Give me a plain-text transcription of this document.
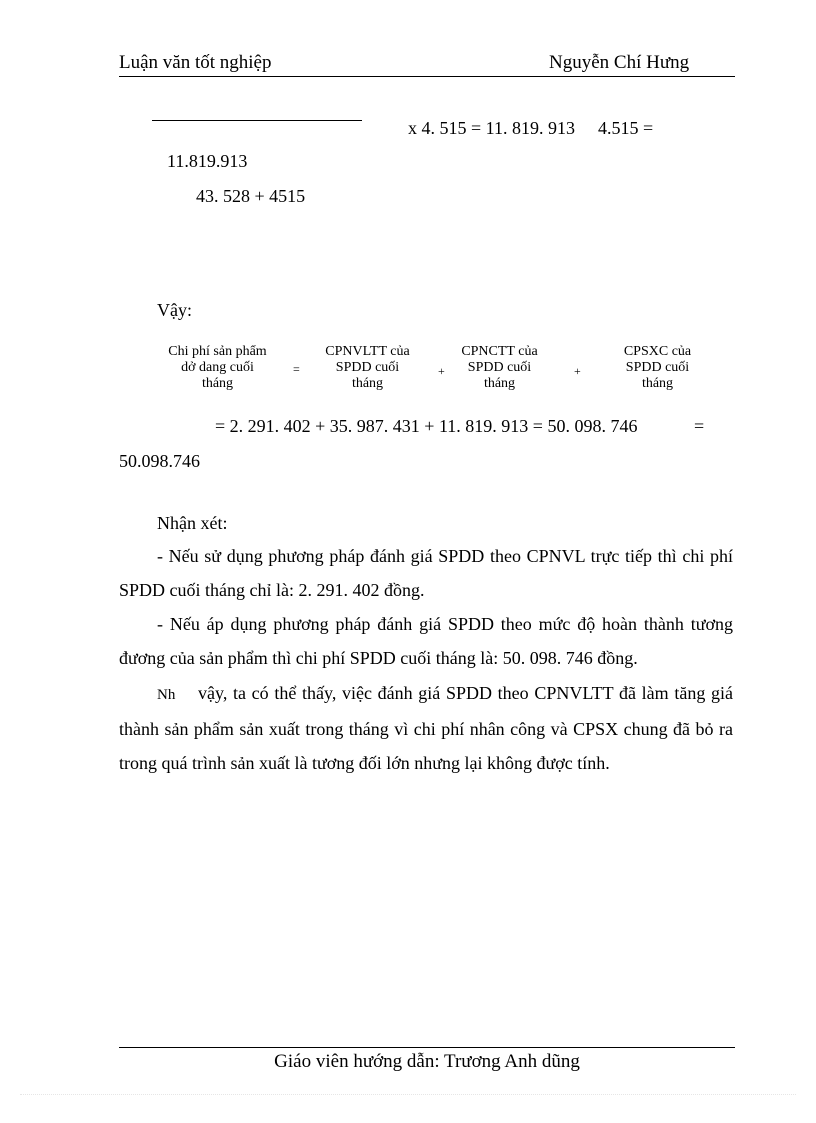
Luận văn tốt nghiệp	Nguyễn Chí Hưng
x 4. 515 = 11. 819. 913 4.515 =
11.819.913
43. 528 + 4515
Vậy:
Chi phí sản phẩm
dở dang cuối
tháng
=
CPNVLTT của
SPDD cuối
tháng
+
CPNCTT của
SPDD cuối
tháng
+
CPSXC của
SPDD cuối
tháng
= 2. 291. 402 + 35. 987. 431 + 11. 819. 913 = 50. 098. 746	=
50.098.746
Nhận xét:
- Nếu sử dụng phương pháp đánh giá SPDD theo CPNVL trực tiếp thì chi phí SPDD cuối tháng chỉ là: 2. 291. 402 đồng.
- Nếu áp dụng phương pháp đánh giá SPDD theo mức độ hoàn thành tương đương của sản phẩm thì chi phí SPDD cuối tháng là: 50. 098. 746 đồng.
Nh vậy, ta có thể thấy, việc đánh giá SPDD theo CPNVLTT đã làm tăng giá thành sản phẩm sản xuất trong tháng vì chi phí nhân công và CPSX chung đã bỏ ra trong quá trình sản xuất là tương đối lớn nhưng lại không được tính.
Giáo viên hướng dẫn: Trương Anh dũng
